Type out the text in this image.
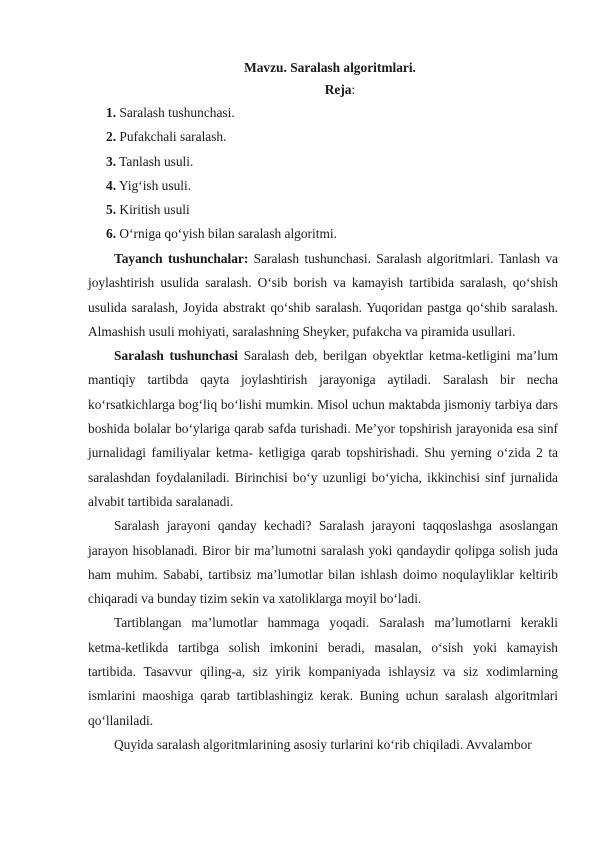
Mavzu. Saralash algoritmlari.
Reja:
1. Saralash tushunchasi.
2. Pufakchali saralash.
3. Tanlash usuli.
4. Yig‘ish usuli.
5. Kiritish usuli
6. O‘rniga qo‘yish bilan saralash algoritmi.

Tayanch tushunchalar: Saralash tushunchasi. Saralash algoritmlari. Tanlash va joylashtirish usulida saralash. O‘sib borish va kamayish tartibida saralash, qo‘shish usulida saralash, Joyida abstrakt qo‘shib saralash. Yuqoridan pastga qo‘shib saralash. Almashish usuli mohiyati, saralashning Sheyker, pufakcha va piramida usullari.

Saralash tushunchasi Saralash deb, berilgan obyektlar ketma-ketligini ma’lum mantiqiy tartibda qayta joylashtirish jarayoniga aytiladi. Saralash bir necha ko‘rsatkichlarga bog‘liq bo‘lishi mumkin. Misol uchun maktabda jismoniy tarbiya dars boshida bolalar bo‘ylariga qarab safda turishadi. Me’yor topshirish jarayonida esa sinf jurnalidagi familiyalar ketma- ketligiga qarab topshirishadi. Shu yerning o‘zida 2 ta saralashdan foydalaniladi. Birinchisi bo‘y uzunligi bo‘yicha, ikkinchisi sinf jurnalida alvabit tartibida saralanadi.

Saralash jarayoni qanday kechadi? Saralash jarayoni taqqoslashga asoslangan jarayon hisoblanadi. Biror bir ma’lumotni saralash yoki qandaydir qolipga solish juda ham muhim. Sababi, tartibsiz ma’lumotlar bilan ishlash doimo noqulayliklar keltirib chiqaradi va bunday tizim sekin va xatoliklarga moyil bo‘ladi.

Tartiblangan ma’lumotlar hammaga yoqadi. Saralash ma’lumotlarni kerakli ketma-ketlikda tartibga solish imkonini beradi, masalan, o‘sish yoki kamayish tartibida. Tasavvur qiling-a, siz yirik kompaniyada ishlaysiz va siz xodimlarning ismlarini maoshiga qarab tartiblashingiz kerak. Buning uchun saralash algoritmlari qo‘llaniladi.

Quyida saralash algoritmlarining asosiy turlarini ko‘rib chiqiladi. Avvalambor
